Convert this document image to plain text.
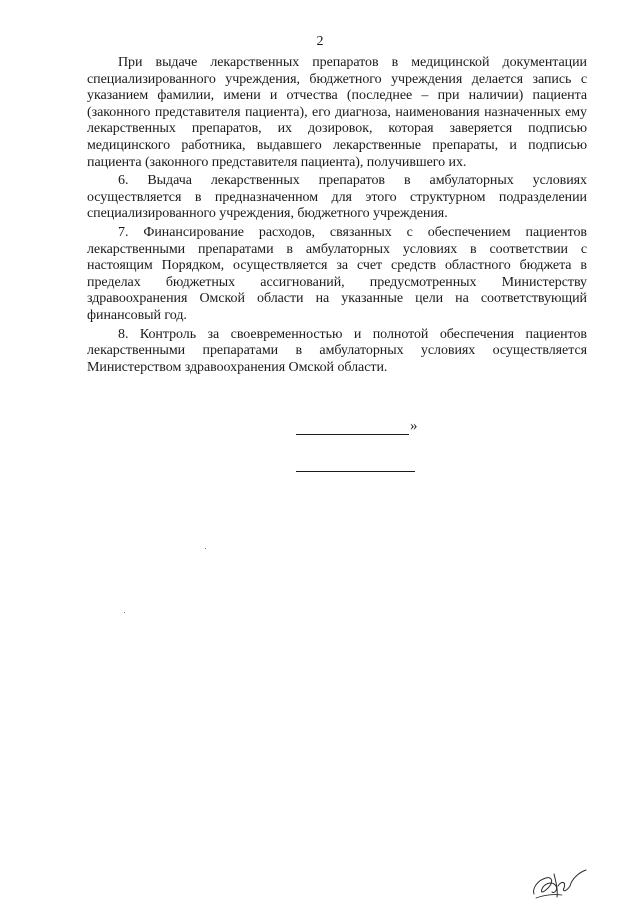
2

При выдаче лекарственных препаратов в медицинской документации специализированного учреждения, бюджетного учреждения делается запись с указанием фамилии, имени и отчества (последнее – при наличии) пациента (законного представителя пациента), его диагноза, наименования назначенных ему лекарственных препаратов, их дозировок, которая заверяется подписью медицинского работника, выдавшего лекарственные препараты, и подписью пациента (законного представителя пациента), получившего их.

6. Выдача лекарственных препаратов в амбулаторных условиях осуществляется в предназначенном для этого структурном подразделении специализированного учреждения, бюджетного учреждения.

7. Финансирование расходов, связанных с обеспечением пациентов лекарственными препаратами в амбулаторных условиях в соответствии с настоящим Порядком, осуществляется за счет средств областного бюджета в пределах бюджетных ассигнований, предусмотренных Министерству здравоохранения Омской области на указанные цели на соответствующий финансовый год.

8. Контроль за своевременностью и полнотой обеспечения пациентов лекарственными препаратами в амбулаторных условиях осуществляется Министерством здравоохранения Омской области.

»
